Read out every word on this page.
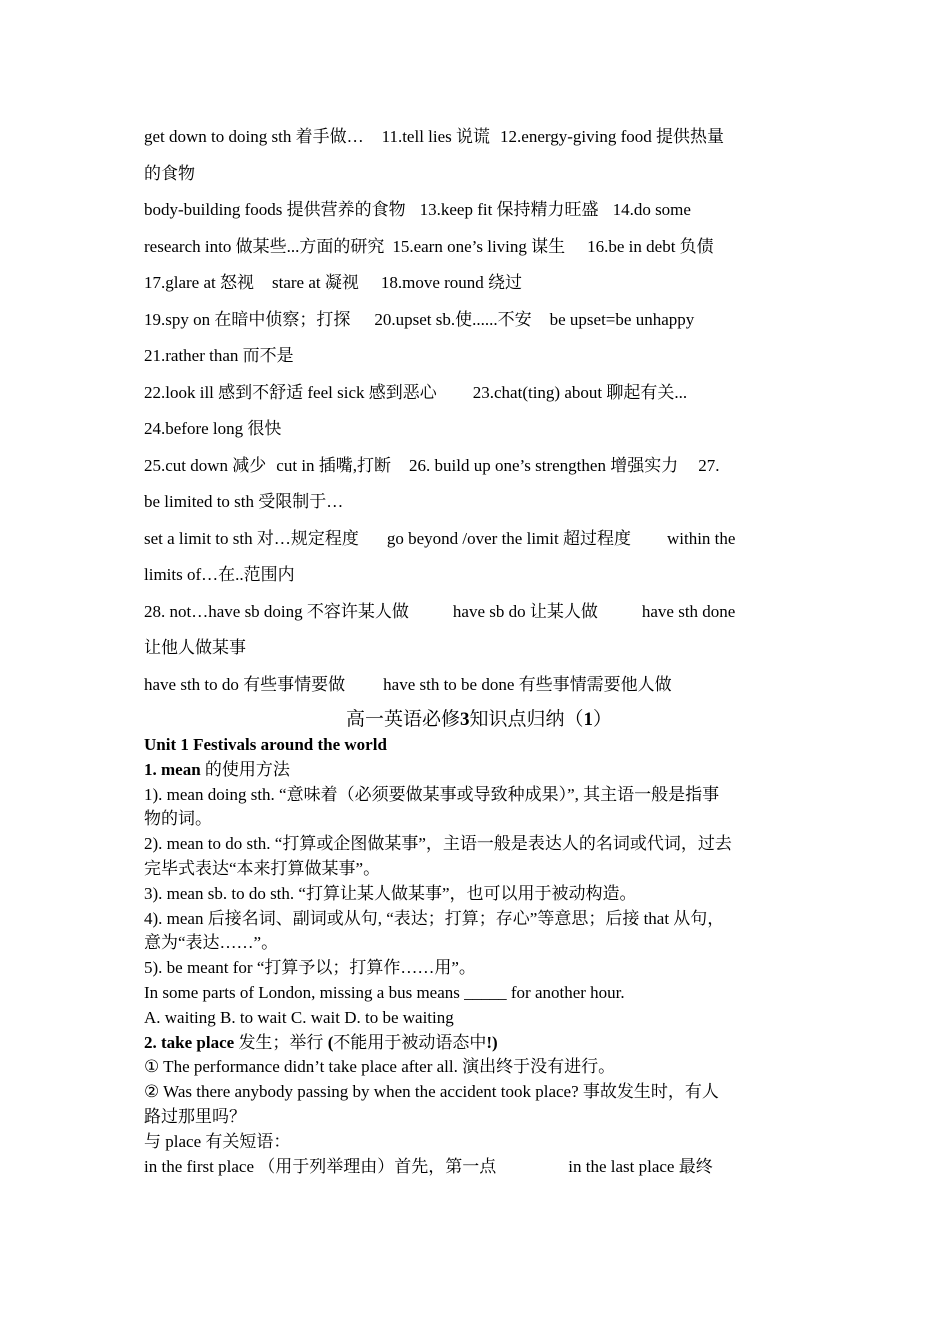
get down to doing sth 着手做… 11.tell lies 说谎 12.energy-giving food 提供热量
的食物
body-building foods 提供营养的食物 13.keep fit 保持精力旺盛 14.do some
research into 做某些...方面的研究 15.earn one’s living 谋生 16.be in debt 负债
17.glare at 怒视 stare at 凝视 18.move round 绕过
19.spy on 在暗中侦察；打探 20.upset sb.使......不安 be upset=be unhappy
21.rather than 而不是
22.look ill 感到不舒适 feel sick 感到恶心 23.chat(ting) about 聊起有关...
24.before long 很快
25.cut down 减少 cut in 插嘴,打断 26. build up one’s strengthen 增强实力 27.
be limited to sth 受限制于…
set a limit to sth 对…规定程度 go beyond /over the limit 超过程度 within the
limits of…在..范围内
28. not…have sb doing 不容许某人做	have sb do 让某人做	have sth done
让他人做某事
have sth to do 有些事情要做 have sth to be done 有些事情需要他人做
高一英语必修3知识点归纳（1）
Unit 1 Festivals around the world
1. mean 的使用方法
1). mean doing sth. “意味着（必须要做某事或导致种成果）”, 其主语一般是指事
物的词。
2). mean to do sth. “打算或企图做某事”，主语一般是表达人的名词或代词，过去
完毕式表达“本来打算做某事”。
3). mean sb. to do sth. “打算让某人做某事”，也可以用于被动构造。
4). mean 后接名词、副词或从句, “表达；打算；存心”等意思；后接 that 从句，
意为“表达……”。
5). be meant for “打算予以；打算作……用”。
In some parts of London, missing a bus means _____ for another hour.
A. waiting B. to wait C. wait D. to be waiting
2. take place 发生；举行 (不能用于被动语态中!)
① The performance didn’t take place after all. 演出终于没有进行。
② Was there anybody passing by when the accident took place? 事故发生时，有人
路过那里吗？
与 place 有关短语：
in the first place （用于列举理由）首先，第一点	in the last place 最终
